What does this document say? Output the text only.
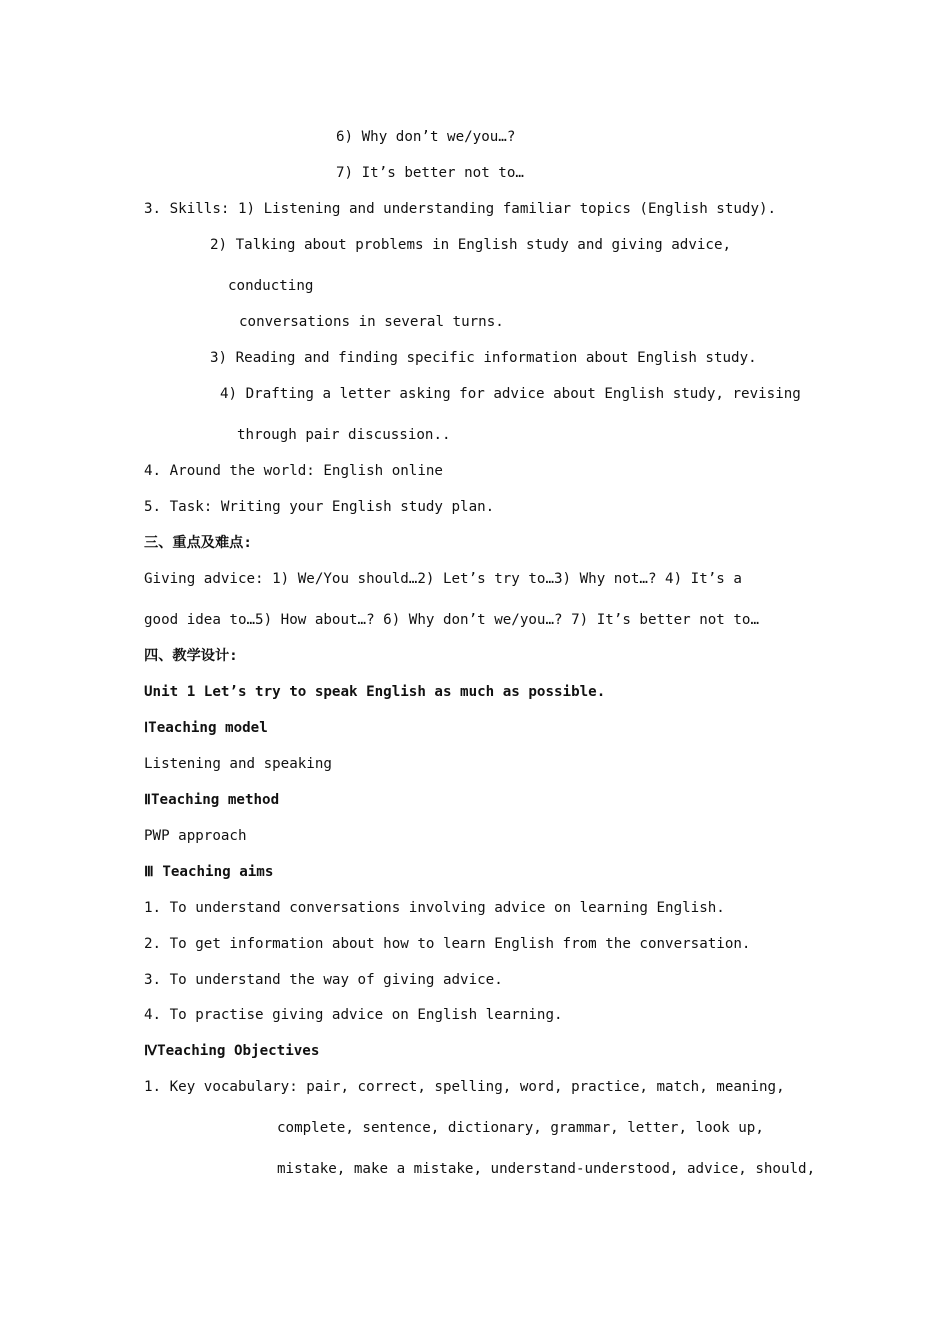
6) Why don’t we/you…?
7) It’s better not to…
3. Skills: 1) Listening and understanding familiar topics (English study).
2) Talking about problems in English study and giving advice,
conducting
conversations in several turns.
3) Reading and finding specific information about English study.
4) Drafting a letter asking for advice about English study, revising
through pair discussion..
4. Around the world: English online
5. Task: Writing your English study plan.
三、重点及难点:
Giving advice: 1) We/You should…2) Let’s try to…3) Why not…? 4) It’s a
good idea to…5) How about…? 6) Why don’t we/you…? 7) It’s better not to…
四、教学设计:
Unit 1 Let’s try to speak English as much as possible.
ⅠTeaching model
Listening and speaking
ⅡTeaching method
PWP approach
Ⅲ Teaching aims
1. To understand conversations involving advice on learning English.
2. To get information about how to learn English from the conversation.
3. To understand the way of giving advice.
4. To practise giving advice on English learning.
ⅣTeaching Objectives
1. Key vocabulary: pair, correct, spelling, word, practice, match, meaning,
complete, sentence, dictionary, grammar, letter, look up,
mistake, make a mistake, understand-understood, advice, should,
